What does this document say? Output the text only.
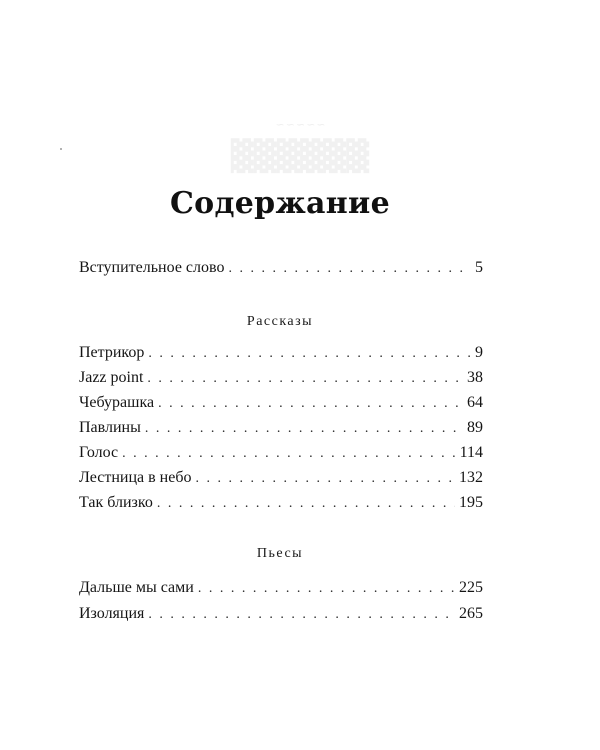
~~~~~
▓▓▓▓▓▓
Содержание
Вступительное слово . . .	5
Рассказы
Петрикор . . .	9
Jazz point . . .	38
Чебурашка . . .	64
Павлины . . .	89
Голос . . .	114
Лестница в небо . . .	132
Так близко . . .	195
Пьесы
Дальше мы сами . . .	225
Изоляция . . .	265
